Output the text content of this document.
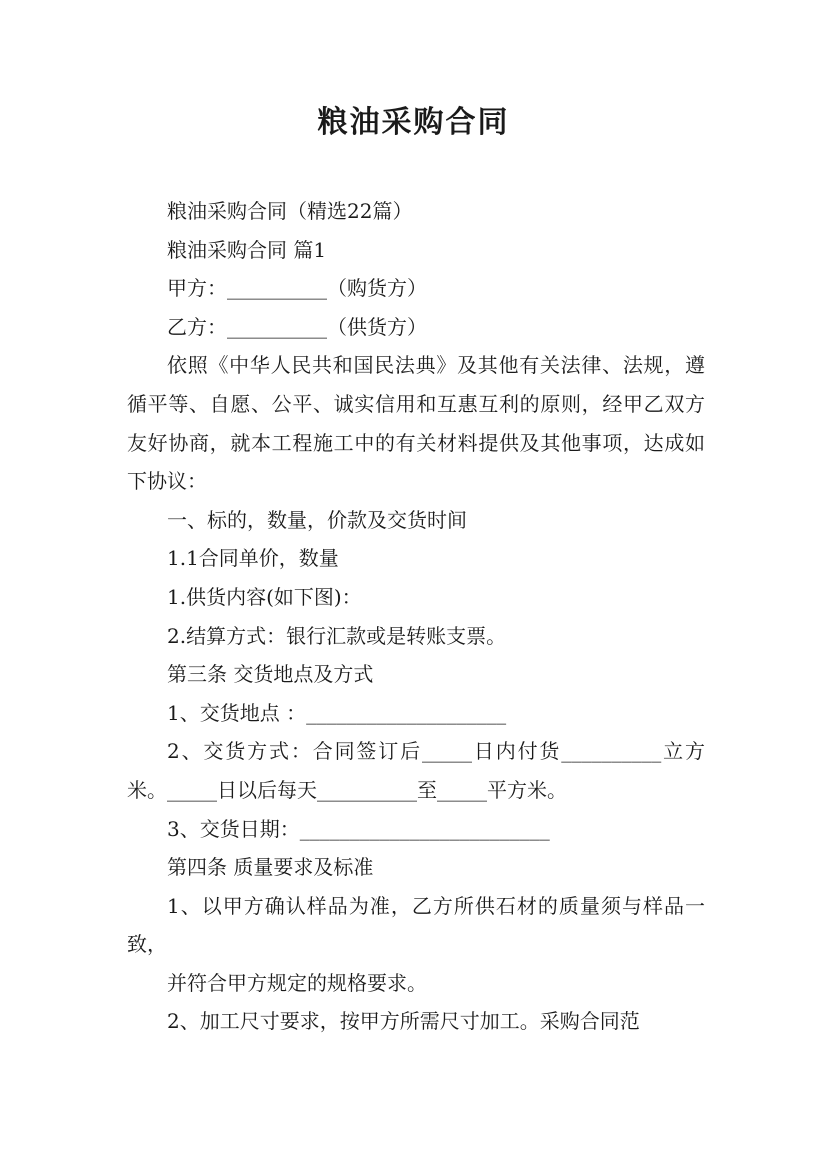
粮油采购合同

粮油采购合同（精选22篇）

粮油采购合同 篇1

甲方：__________（购货方）

乙方：__________（供货方）

依照《中华人民共和国民法典》及其他有关法律、法规，遵循平等、自愿、公平、诚实信用和互惠互利的原则，经甲乙双方友好协商，就本工程施工中的有关材料提供及其他事项，达成如下协议：

一、标的，数量，价款及交货时间

1.1合同单价，数量

1.供货内容(如下图)：

2.结算方式：银行汇款或是转账支票。

第三条 交货地点及方式

1、交货地点 ：____________________

2、交货方式：合同签订后_____日内付货__________立方米。_____日以后每天__________至_____平方米。

3、交货日期：_________________________

第四条 质量要求及标准

1、以甲方确认样品为准，乙方所供石材的质量须与样品一致，

并符合甲方规定的规格要求。

2、加工尺寸要求，按甲方所需尺寸加工。采购合同范
